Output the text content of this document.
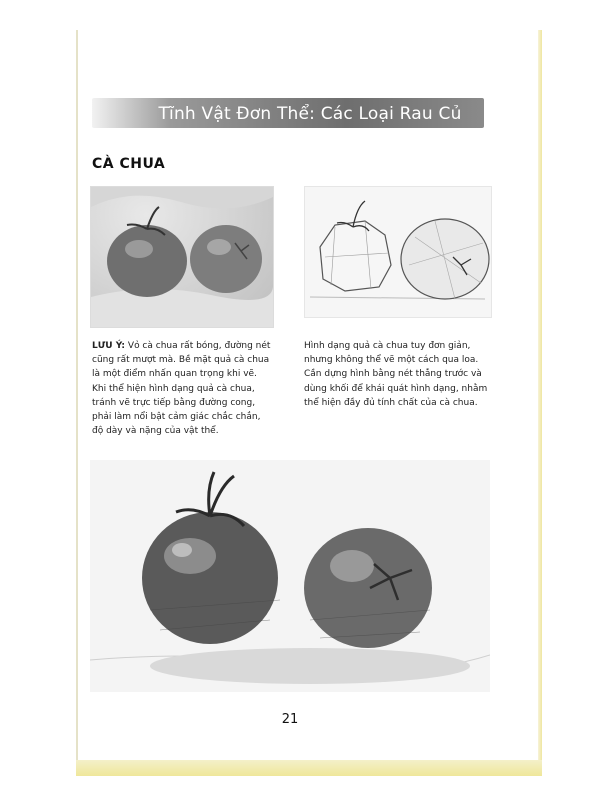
Tĩnh Vật Đơn Thể: Các Loại Rau Củ
CÀ CHUA
LƯU Ý: Vỏ cà chua rất bóng, đường nét cũng rất mượt mà. Bề mặt quả cà chua là một điểm nhấn quan trọng khi vẽ. Khi thể hiện hình dạng quả cà chua, tránh vẽ trực tiếp bằng đường cong, phải làm nổi bật cảm giác chắc chắn, độ dày và nặng của vật thể.
Hình dạng quả cà chua tuy đơn giản, nhưng không thể vẽ một cách qua loa. Cần dựng hình bằng nét thẳng trước và dùng khối để khái quát hình dạng, nhằm thể hiện đầy đủ tính chất của cà chua.
21
